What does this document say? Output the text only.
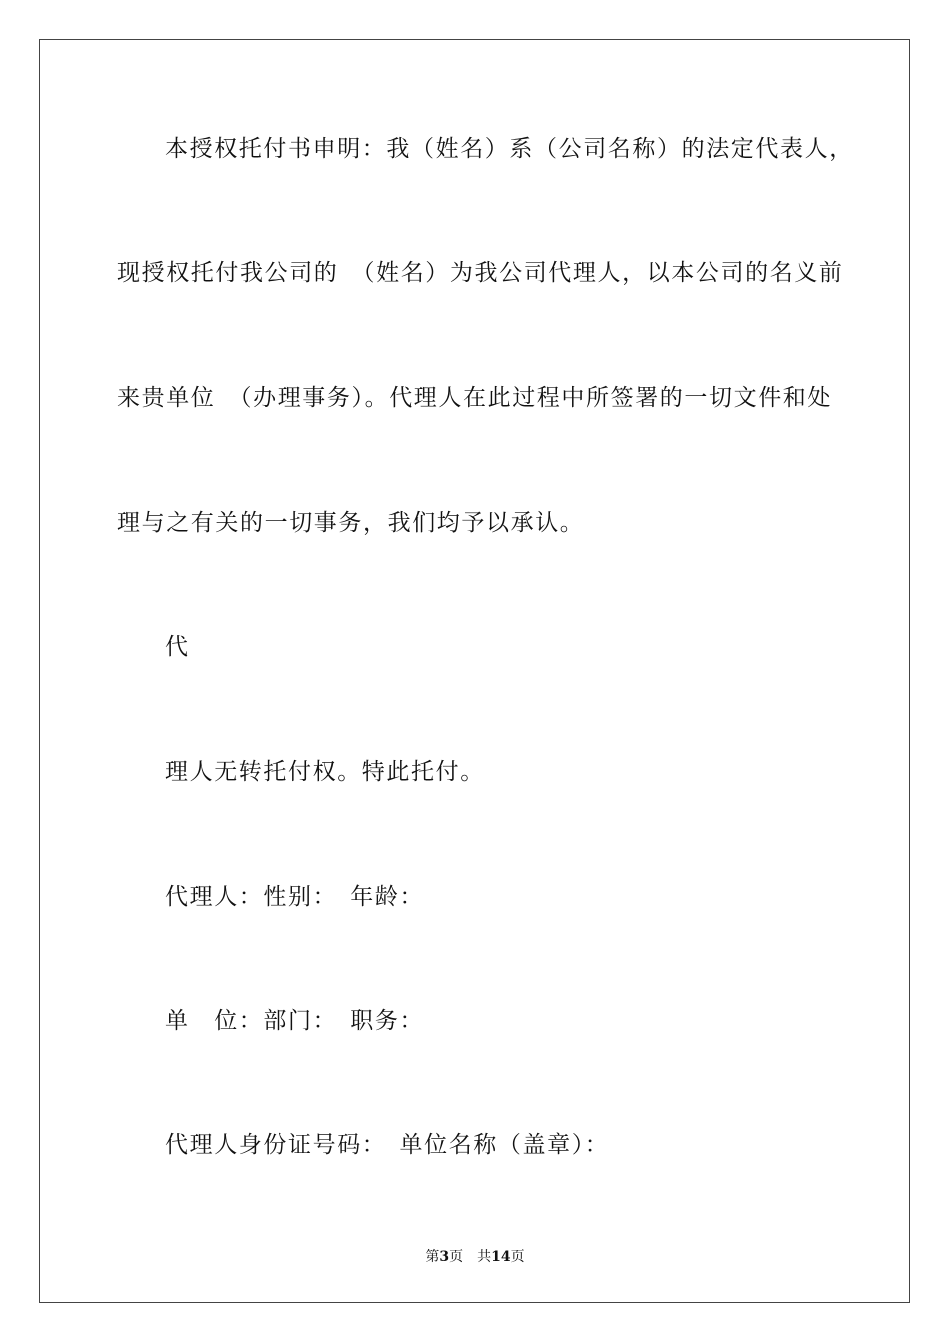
本授权托付书申明：我（姓名）系（公司名称）的法定代表人，
现授权托付我公司的　（姓名）为我公司代理人，以本公司的名义前
来贵单位　（办理事务）。代理人在此过程中所签署的一切文件和处
理与之有关的一切事务，我们均予以承认。
代
理人无转托付权。特此托付。
代理人：性别：　年龄：
单　位：部门：　职务：
代理人身份证号码：　单位名称（盖章）：
第3页　共14页
